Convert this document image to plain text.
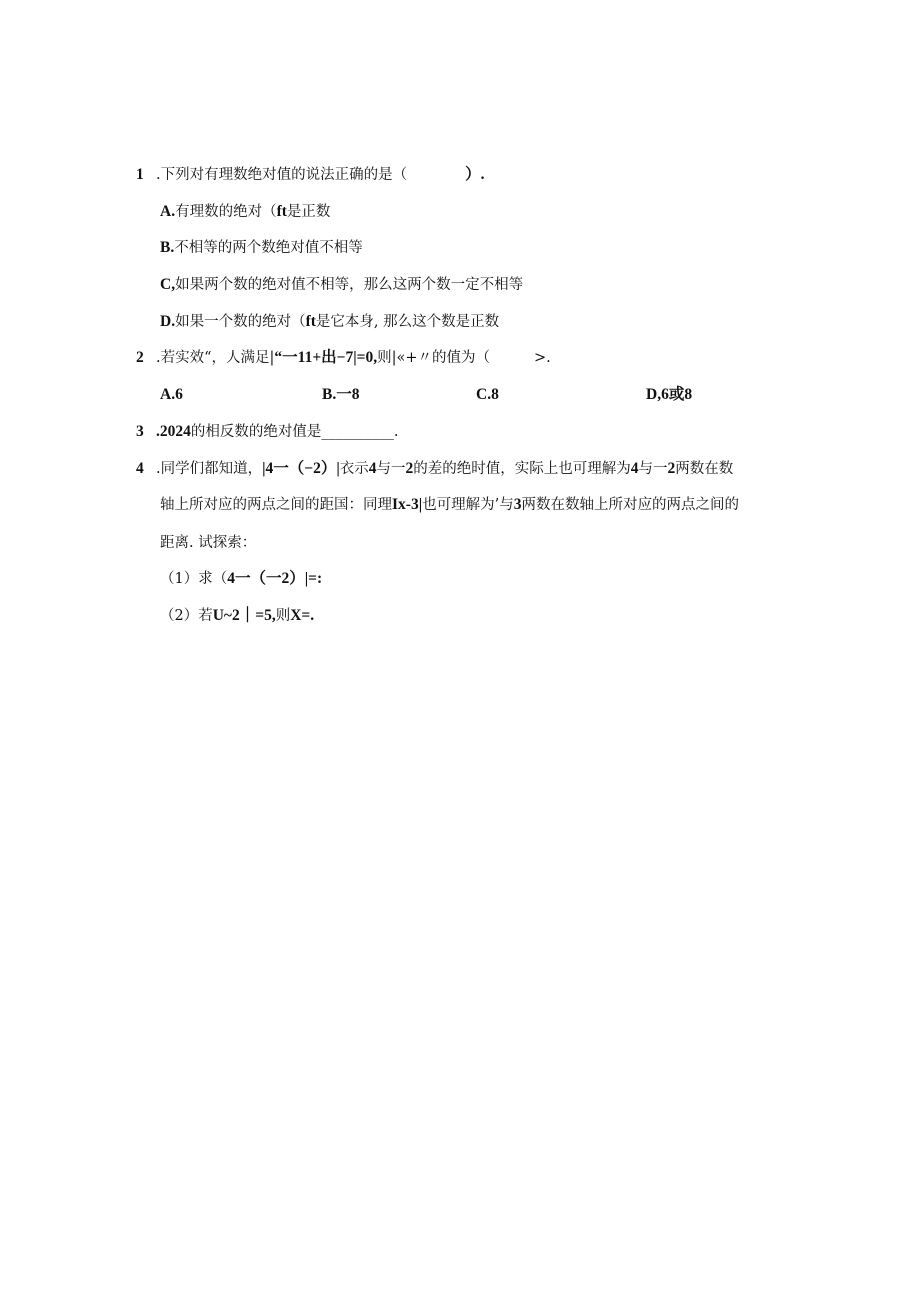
1 .下列对有理数绝对值的说法正确的是（	）.
A.有理数的绝对（ft是正数
B.不相等的两个数绝对值不相等
C,如果两个数的绝对值不相等，那么这两个数一定不相等
D.如果一个数的绝对（ft是它本身, 那么这个数是正数
2 .若实效“，人满足|“一11+出−7|=0,则|«+〃的值为（	>.
A.6	B.一8	C.8	D,6或8
3 .2024的相反数的绝对值是__________.
4 .同学们都知道，|4一（−2）|衣示4与一2的差的绝时值，实际上也可理解为4与一2两数在数
轴上所对应的两点之间的距国：同理Ix-3|也可理解为’与3两数在数轴上所对应的两点之间的
距离. 试探索：
（1）求（4一（一2）|=:
（2）若U~2｜=5,则X=.
